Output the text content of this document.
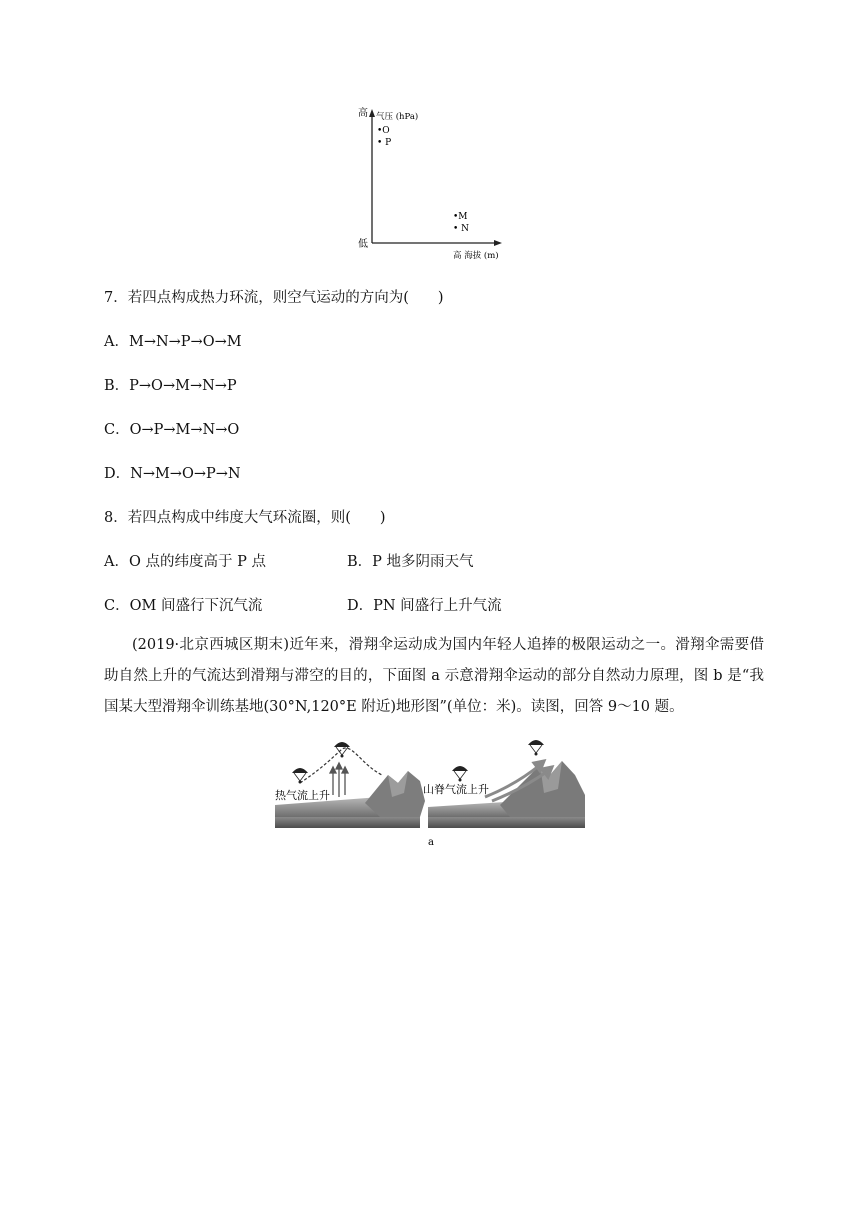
高 气压 (hPa)
•O
• P
•M
• N
低
高 海拔 (m)
7．若四点构成热力环流，则空气运动的方向为(　　)
A．M→N→P→O→M
B．P→O→M→N→P
C．O→P→M→N→O
D．N→M→O→P→N
8．若四点构成中纬度大气环流圈，则(　　)
A．O 点的纬度高于 P 点	B．P 地多阴雨天气
C．OM 间盛行下沉气流	D．PN 间盛行上升气流
(2019·北京西城区期末)近年来，滑翔伞运动成为国内年轻人追捧的极限运动之一。滑翔伞需要借助自然上升的气流达到滑翔与滞空的目的，下面图 a 示意滑翔伞运动的部分自然动力原理，图 b 是“我国某大型滑翔伞训练基地(30°N,120°E 附近)地形图”(单位：米)。读图，回答 9～10 题。
热气流上升	山脊气流上升
a
